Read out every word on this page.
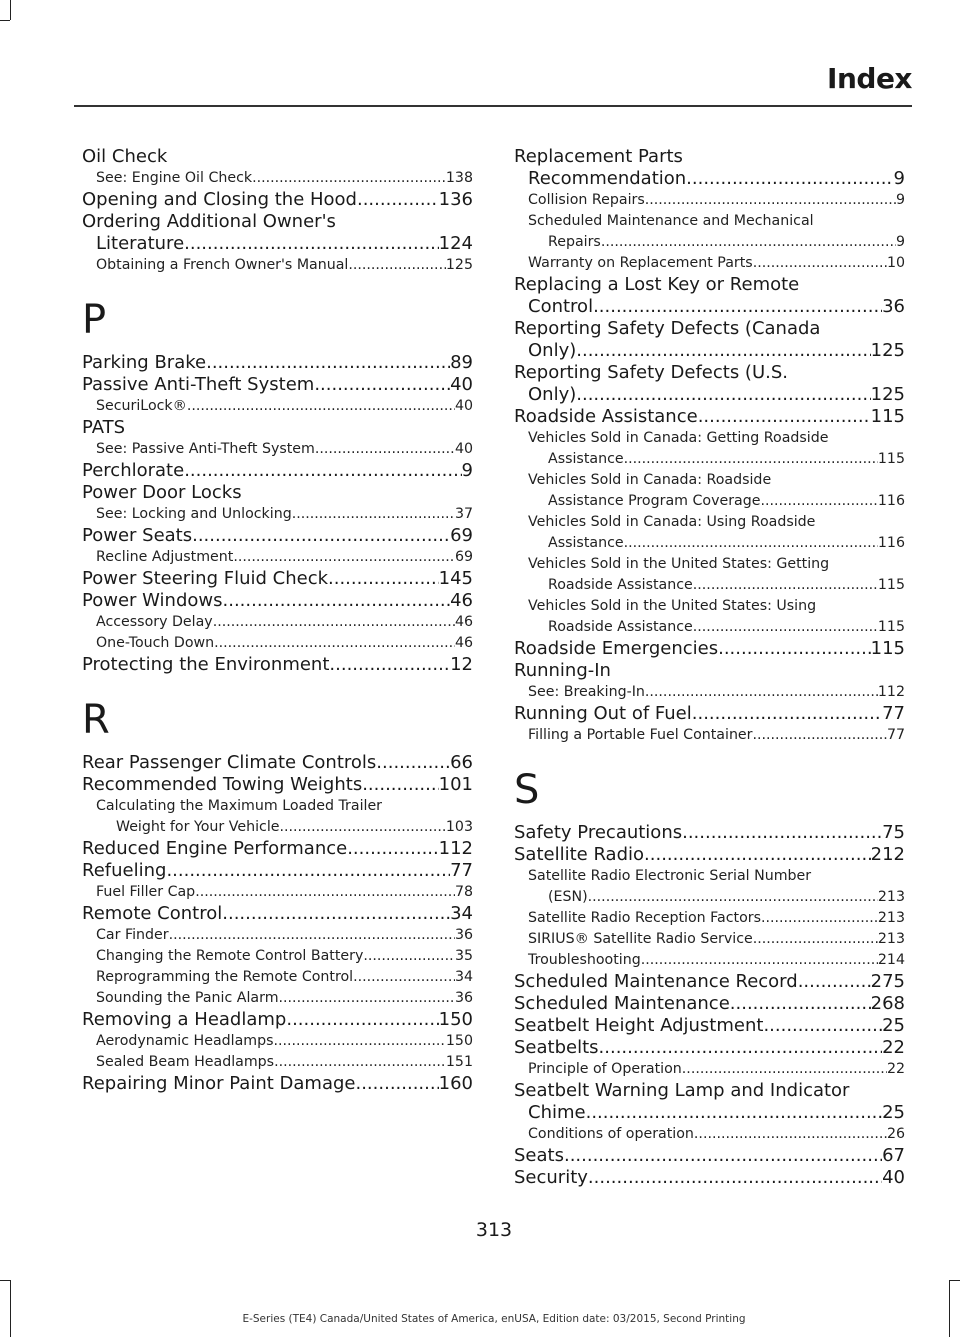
Index
Oil Check
See: Engine Oil Check .....	138
Opening and Closing the Hood .....	136
Ordering Additional Owner's
Literature .....	124
Obtaining a French Owner's Manual .....	125
P
Parking Brake .....	89
Passive Anti-Theft System .....	40
SecuriLock® .....	40
PATS
See: Passive Anti-Theft System .....	40
Perchlorate .....	9
Power Door Locks
See: Locking and Unlocking .....	37
Power Seats .....	69
Recline Adjustment .....	69
Power Steering Fluid Check .....	145
Power Windows .....	46
Accessory Delay .....	46
One-Touch Down .....	46
Protecting the Environment .....	12
R
Rear Passenger Climate Controls .....	66
Recommended Towing Weights .....	101
Calculating the Maximum Loaded Trailer
Weight for Your Vehicle .....	103
Reduced Engine Performance .....	112
Refueling .....	77
Fuel Filler Cap .....	78
Remote Control .....	34
Car Finder .....	36
Changing the Remote Control Battery .....	35
Reprogramming the Remote Control .....	34
Sounding the Panic Alarm .....	36
Removing a Headlamp .....	150
Aerodynamic Headlamps .....	150
Sealed Beam Headlamps .....	151
Repairing Minor Paint Damage .....	160
Replacement Parts
Recommendation .....	9
Collision Repairs .....	9
Scheduled Maintenance and Mechanical
Repairs .....	9
Warranty on Replacement Parts .....	10
Replacing a Lost Key or Remote
Control .....	36
Reporting Safety Defects (Canada
Only) .....	125
Reporting Safety Defects (U.S.
Only) .....	125
Roadside Assistance .....	115
Vehicles Sold in Canada: Getting Roadside
Assistance .....	115
Vehicles Sold in Canada: Roadside
Assistance Program Coverage .....	116
Vehicles Sold in Canada: Using Roadside
Assistance .....	116
Vehicles Sold in the United States: Getting
Roadside Assistance .....	115
Vehicles Sold in the United States: Using
Roadside Assistance .....	115
Roadside Emergencies .....	115
Running-In
See: Breaking-In .....	112
Running Out of Fuel .....	77
Filling a Portable Fuel Container .....	77
S
Safety Precautions .....	75
Satellite Radio .....	212
Satellite Radio Electronic Serial Number
(ESN) .....	213
Satellite Radio Reception Factors .....	213
SIRIUS® Satellite Radio Service .....	213
Troubleshooting .....	214
Scheduled Maintenance Record .....	275
Scheduled Maintenance .....	268
Seatbelt Height Adjustment .....	25
Seatbelts .....	22
Principle of Operation .....	22
Seatbelt Warning Lamp and Indicator
Chime .....	25
Conditions of operation .....	26
Seats .....	67
Security .....	40
313
E-Series (TE4) Canada/United States of America, enUSA, Edition date: 03/2015, Second Printing
